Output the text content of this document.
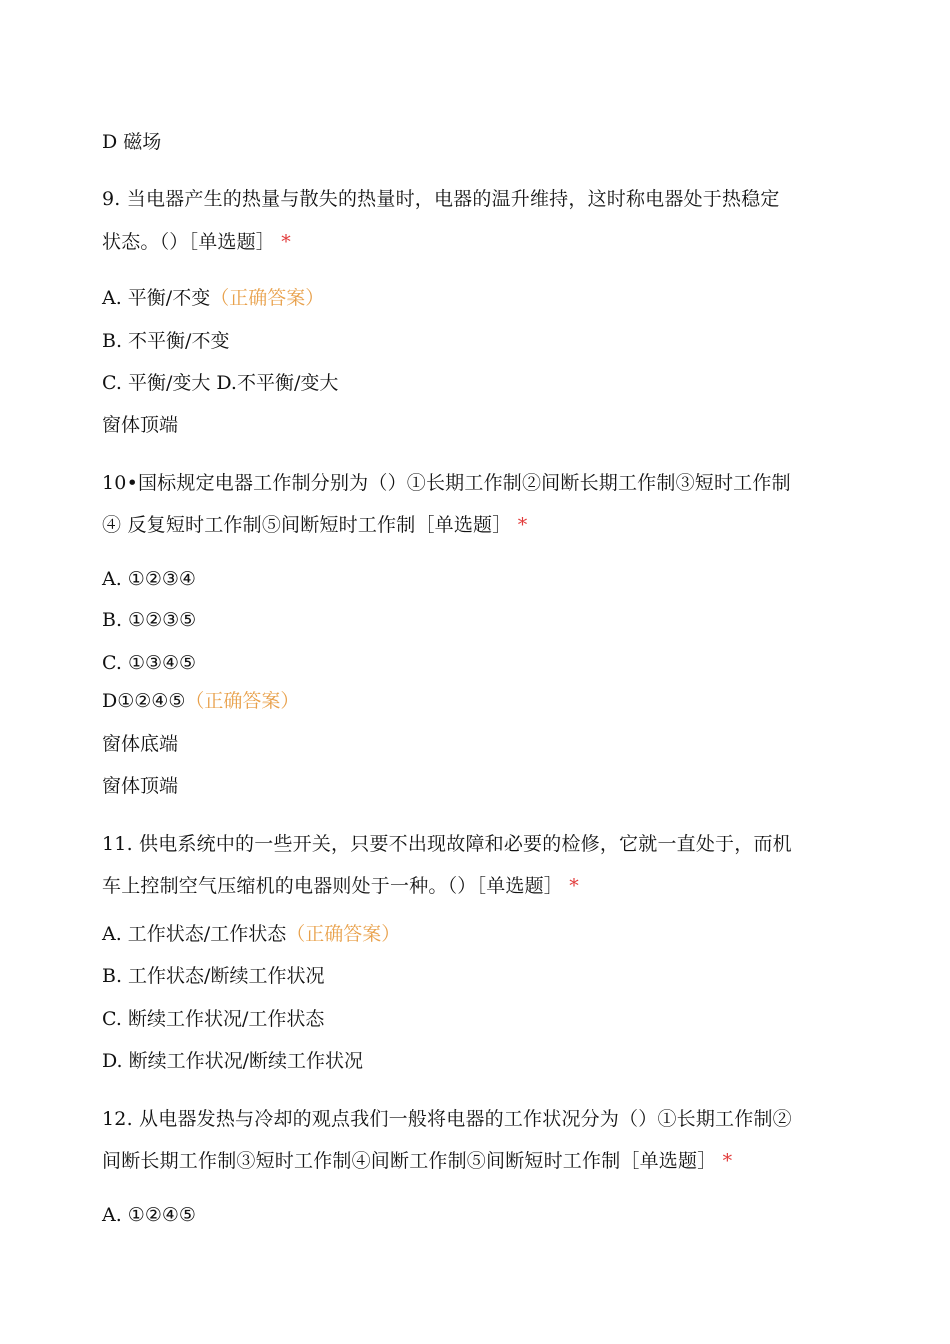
D 磁场
9. 当电器产生的热量与散失的热量时，电器的温升维持，这时称电器处于热稳定
状态。（）［单选题］ *
A. 平衡/不变（正确答案）
B. 不平衡/不变
C. 平衡/变大 D.不平衡/变大
窗体顶端
10•国标规定电器工作制分别为（）①长期工作制②间断长期工作制③短时工作制
④ 反复短时工作制⑤间断短时工作制［单选题］ *
A. ①②③④
B. ①②③⑤
C. ①③④⑤
D①②④⑤（正确答案）
窗体底端
窗体顶端
11. 供电系统中的一些开关，只要不出现故障和必要的检修，它就一直处于，而机
车上控制空气压缩机的电器则处于一种。（）［单选题］ *
A. 工作状态/工作状态（正确答案）
B. 工作状态/断续工作状况
C. 断续工作状况/工作状态
D. 断续工作状况/断续工作状况
12. 从电器发热与冷却的观点我们一般将电器的工作状况分为（）①长期工作制②
间断长期工作制③短时工作制④间断工作制⑤间断短时工作制［单选题］ *
A. ①②④⑤
